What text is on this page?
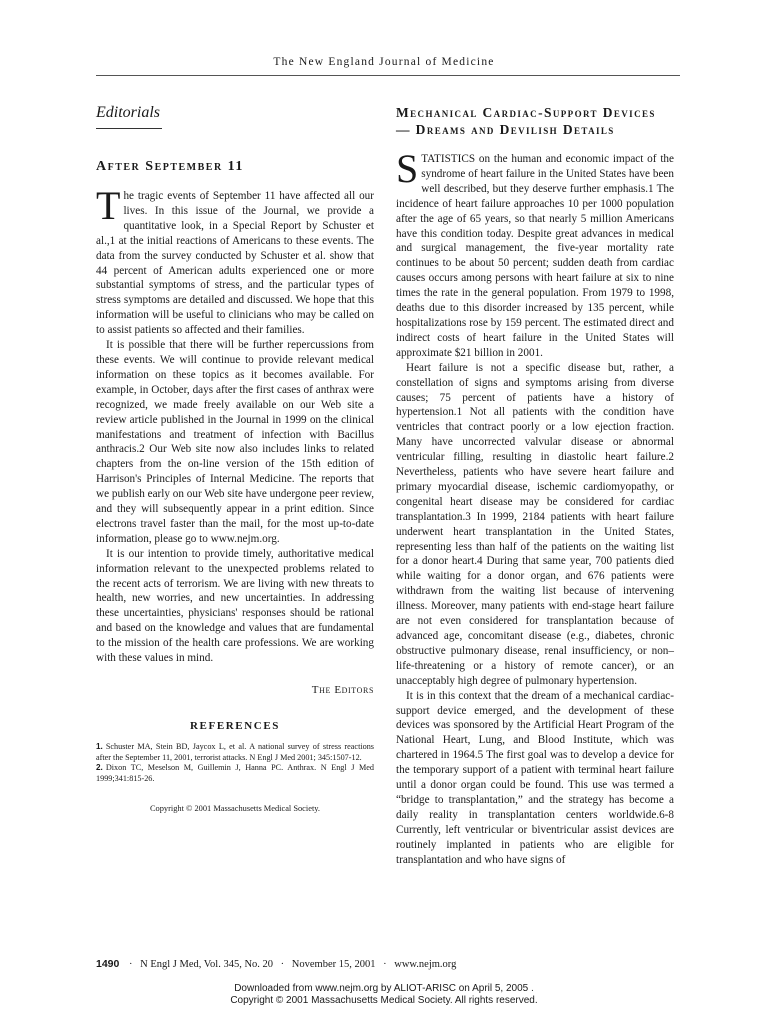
The New England Journal of Medicine
Editorials
After September 11

The tragic events of September 11 have affected all our lives. In this issue of the Journal, we provide a quantitative look, in a Special Report by Schuster et al.,1 at the initial reactions of Americans to these events. The data from the survey conducted by Schuster et al. show that 44 percent of American adults experienced one or more substantial symptoms of stress, and the particular types of stress symptoms are detailed and discussed. We hope that this information will be useful to clinicians who may be called on to assist patients so affected and their families.

It is possible that there will be further repercussions from these events. We will continue to provide relevant medical information on these topics as it becomes available. For example, in October, days after the first cases of anthrax were recognized, we made freely available on our Web site a review article published in the Journal in 1999 on the clinical manifestations and treatment of infection with Bacillus anthracis.2 Our Web site now also includes links to related chapters from the on-line version of the 15th edition of Harrison's Principles of Internal Medicine. The reports that we publish early on our Web site have undergone peer review, and they will subsequently appear in a print edition. Since electrons travel faster than the mail, for the most up-to-date information, please go to www.nejm.org.

It is our intention to provide timely, authoritative medical information relevant to the unexpected problems related to the recent acts of terrorism. We are living with new threats to health, new worries, and new uncertainties. In addressing these uncertainties, physicians' responses should be rational and based on the knowledge and values that are fundamental to the mission of the health care professions. We are working with these values in mind.

The Editors
REFERENCES

1. Schuster MA, Stein BD, Jaycox L, et al. A national survey of stress reactions after the September 11, 2001, terrorist attacks. N Engl J Med 2001; 345:1507-12.

2. Dixon TC, Meselson M, Guillemin J, Hanna PC. Anthrax. N Engl J Med 1999;341:815-26.

Copyright © 2001 Massachusetts Medical Society.
Mechanical Cardiac-Support Devices — Dreams and Devilish Details

STATISTICS on the human and economic impact of the syndrome of heart failure in the United States have been well described, but they deserve further emphasis.1 The incidence of heart failure approaches 10 per 1000 population after the age of 65 years, so that nearly 5 million Americans have this condition today. Despite great advances in medical and surgical management, the five-year mortality rate continues to be about 50 percent; sudden death from cardiac causes occurs among persons with heart failure at six to nine times the rate in the general population. From 1979 to 1998, deaths due to this disorder increased by 135 percent, while hospitalizations rose by 159 percent. The estimated direct and indirect costs of heart failure in the United States will approximate $21 billion in 2001.

Heart failure is not a specific disease but, rather, a constellation of signs and symptoms arising from diverse causes; 75 percent of patients have a history of hypertension.1 Not all patients with the condition have ventricles that contract poorly or a low ejection fraction. Many have uncorrected valvular disease or abnormal ventricular filling, resulting in diastolic heart failure.2 Nevertheless, patients who have severe heart failure and primary myocardial disease, ischemic cardiomyopathy, or congenital heart disease may be considered for cardiac transplantation.3 In 1999, 2184 patients with heart failure underwent heart transplantation in the United States, representing less than half of the patients on the waiting list for a donor heart.4 During that same year, 700 patients died while waiting for a donor organ, and 676 patients were withdrawn from the waiting list because of intervening illness. Moreover, many patients with end-stage heart failure are not even considered for transplantation because of advanced age, concomitant disease (e.g., diabetes, chronic obstructive pulmonary disease, renal insufficiency, or non–life-threatening or a history of remote cancer), or an unacceptably high degree of pulmonary hypertension.

It is in this context that the dream of a mechanical cardiac-support device emerged, and the development of these devices was sponsored by the Artificial Heart Program of the National Heart, Lung, and Blood Institute, which was chartered in 1964.5 The first goal was to develop a device for the temporary support of a patient with terminal heart failure until a donor organ could be found. This use was termed a “bridge to transplantation,” and the strategy has become a daily reality in transplantation centers worldwide.6-8 Currently, left ventricular or biventricular assist devices are routinely implanted in patients who are eligible for transplantation and who have signs of

1490 · N Engl J Med, Vol. 345, No. 20 · November 15, 2001 · www.nejm.org
Downloaded from www.nejm.org by ALIOT-ARISC on April 5, 2005 .
Copyright © 2001 Massachusetts Medical Society. All rights reserved.
